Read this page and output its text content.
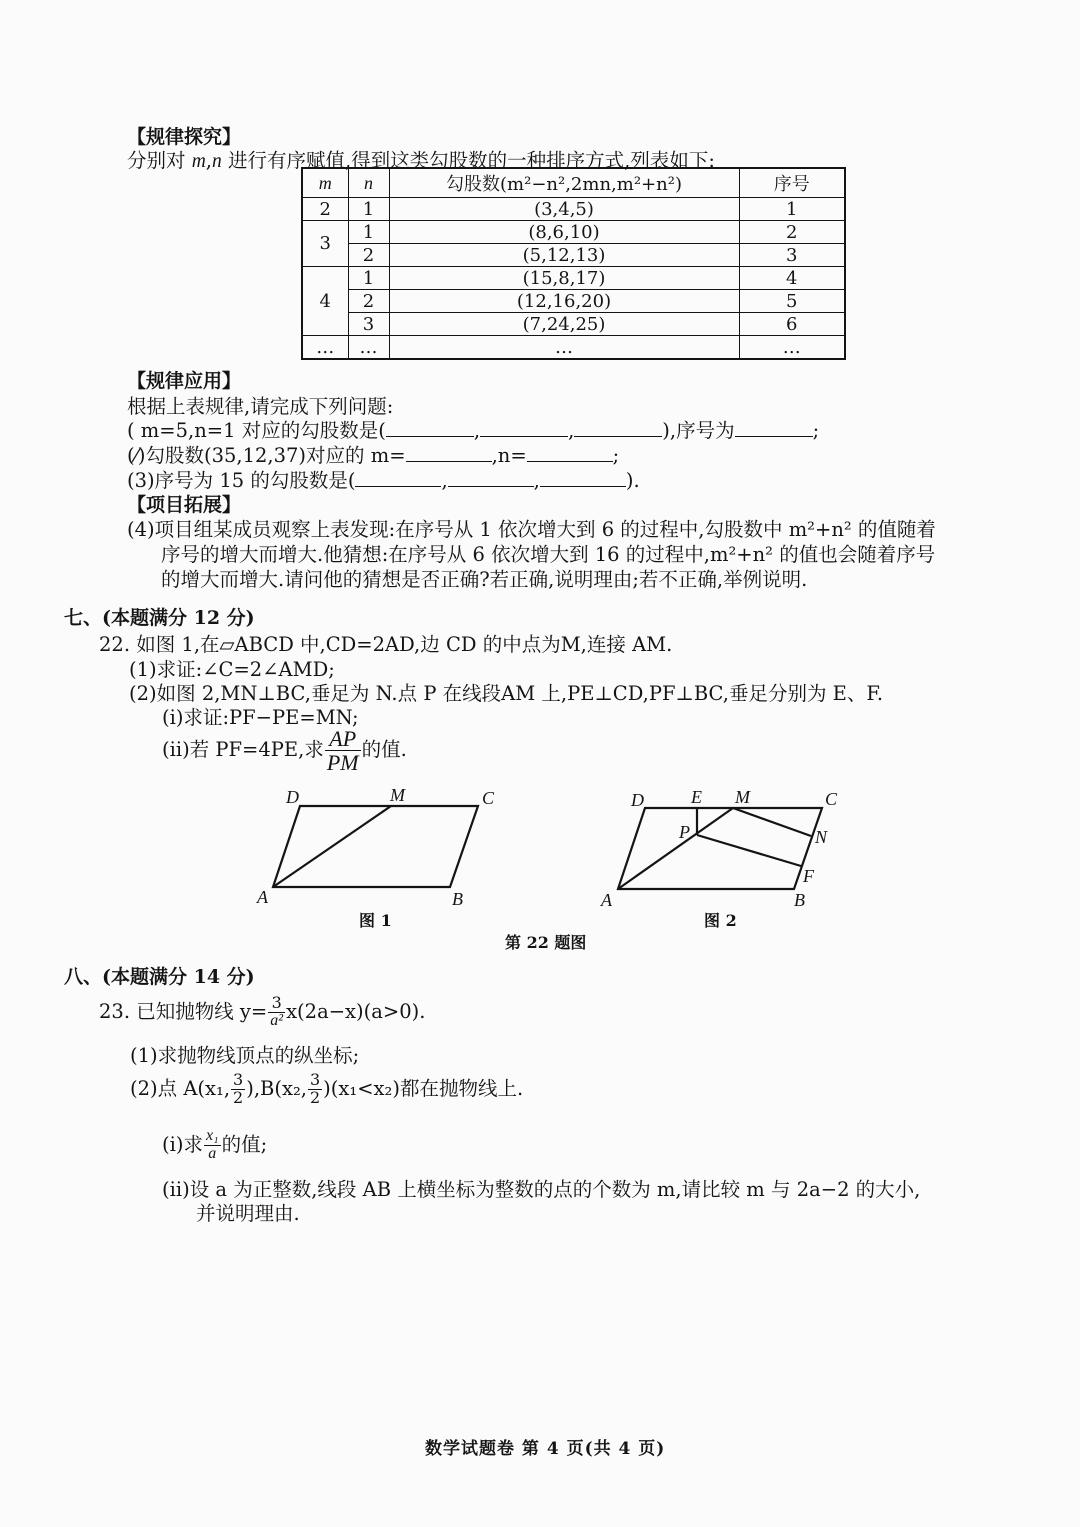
【规律探究】
分别对 m,n 进行有序赋值,得到这类勾股数的一种排序方式,列表如下:
m	n	勾股数(m²−n²,2mn,m²+n²)	序号
2	1	(3,4,5)	1
3	1	(8,6,10)	2
	2	(5,12,13)	3
4	1	(15,8,17)	4
	2	(12,16,20)	5
	3	(7,24,25)	6
…	…	…	…
【规律应用】
根据上表规律,请完成下列问题:
( m=5,n=1 对应的勾股数是(	,	,	),序号为	;
(⁄)勾股数(35,12,37)对应的 m=	,n=	;
(3)序号为 15 的勾股数是(	,	,	).
【项目拓展】
(4)项目组某成员观察上表发现:在序号从 1 依次增大到 6 的过程中,勾股数中 m²+n² 的值随着
序号的增大而增大.他猜想:在序号从 6 依次增大到 16 的过程中,m²+n² 的值也会随着序号
的增大而增大.请问他的猜想是否正确?若正确,说明理由;若不正确,举例说明.
七、(本题满分 12 分)
22. 如图 1,在▱ABCD 中,CD=2AD,边 CD 的中点为M,连接 AM.
(1)求证:∠C=2∠AMD;
(2)如图 2,MN⊥BC,垂足为 N.点 P 在线段AM 上,PE⊥CD,PF⊥BC,垂足分别为 E、F.
(i)求证:PF−PE=MN;
(ii)若 PF=4PE,求 $\frac{AP}{PM}$ 的值.
D	M	C
A	B
D	E M	C
P	N
F
A	B
图 1	图 2
第 22 题图
八、(本题满分 14 分)
23. 已知抛物线 $y= \frac{3}{\text{a²}} x(2a-x)(a>0)$.
(1)求抛物线顶点的纵坐标;
(2)点 A(x₁, $\frac{3}{2} ),B(x_2$, $\frac{3}{2} )(x_1<x_2)$都在抛物线上.
(i)求 $\frac{\text{x₁}}{a}$ 的值;
(ii)设 a 为正整数,线段 AB 上横坐标为整数的点的个数为 m,请比较 m 与 2a−2 的大小,
并说明理由.
数学试题卷 第 4 页(共 4 页)
